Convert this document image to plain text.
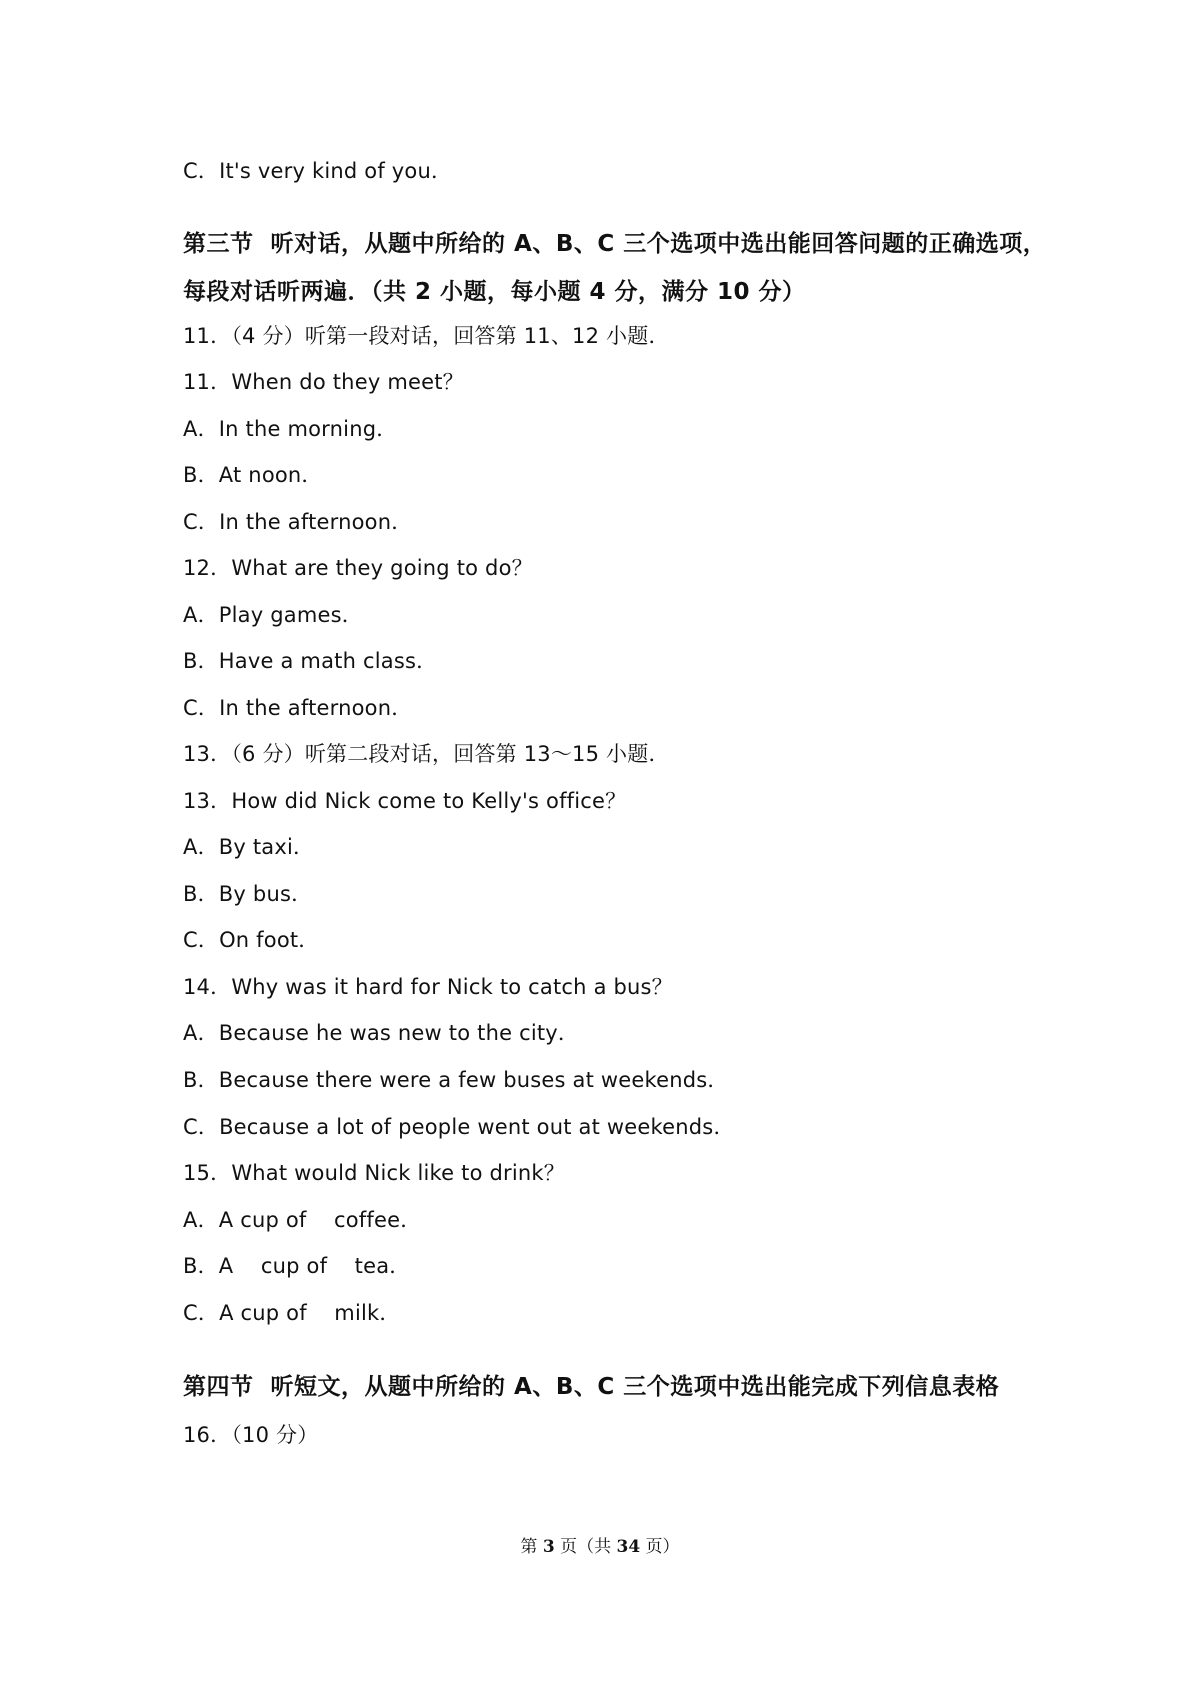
C．It's very kind of you．
第三节  听对话，从题中所给的 A、B、C 三个选项中选出能回答问题的正确选项，
每段对话听两遍．（共 2 小题，每小题 4 分，满分 10 分）
11．（4 分）听第一段对话，回答第 11、12 小题．
11．When do they meet？
A．In the morning．
B．At noon．
C．In the afternoon．
12．What are they going to do？
A．Play games．
B．Have a math class．
C．In the afternoon．
13．（6 分）听第二段对话，回答第 13～15 小题．
13．How did Nick come to Kelly's office？
A．By taxi．
B．By bus．
C．On foot．
14．Why was it hard for Nick to catch a bus？
A．Because he was new to the city．
B．Because there were a few buses at weekends．
C．Because a lot of people went out at weekends．
15．What would Nick like to drink？
A．A cup of    coffee．
B．A    cup of    tea．
C．A cup of    milk．
第四节  听短文，从题中所给的 A、B、C 三个选项中选出能完成下列信息表格
16．（10 分）
第 3 页（共 34 页）
